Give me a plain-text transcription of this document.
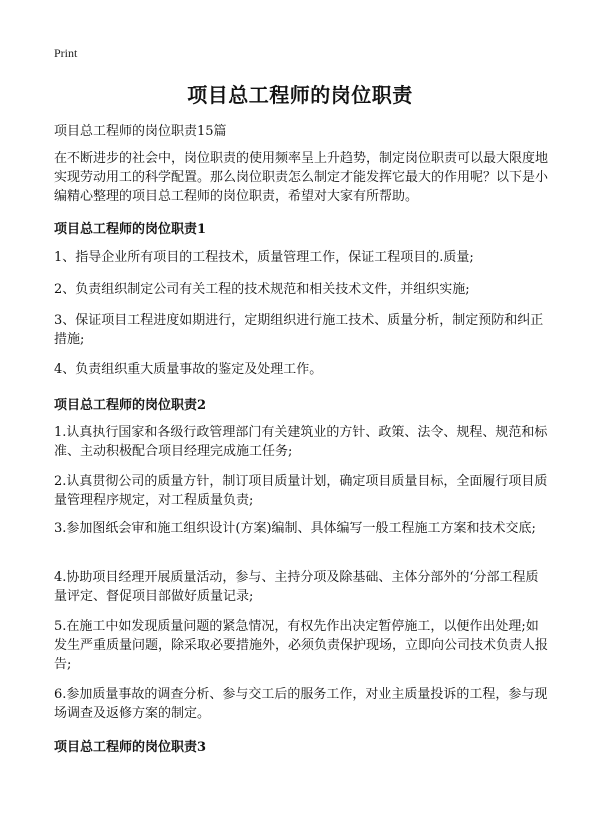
Print
项目总工程师的岗位职责
项目总工程师的岗位职责15篇

在不断进步的社会中，岗位职责的使用频率呈上升趋势，制定岗位职责可以最大限度地实现劳动用工的科学配置。那么岗位职责怎么制定才能发挥它最大的作用呢？以下是小编精心整理的项目总工程师的岗位职责，希望对大家有所帮助。

项目总工程师的岗位职责1

1、指导企业所有项目的工程技术，质量管理工作，保证工程项目的.质量;

2、负责组织制定公司有关工程的技术规范和相关技术文件，并组织实施;

3、保证项目工程进度如期进行，定期组织进行施工技术、质量分析，制定预防和纠正措施;

4、负责组织重大质量事故的鉴定及处理工作。

项目总工程师的岗位职责2

1.认真执行国家和各级行政管理部门有关建筑业的方针、政策、法令、规程、规范和标准、主动积极配合项目经理完成施工任务;

2.认真贯彻公司的质量方针，制订项目质量计划，确定项目质量目标，全面履行项目质量管理程序规定，对工程质量负责;

3.参加图纸会审和施工组织设计(方案)编制、具体编写一般工程施工方案和技术交底;

4.协助项目经理开展质量活动，参与、主持分项及除基础、主体分部外的‘分部工程质量评定、督促项目部做好质量记录;

5.在施工中如发现质量问题的紧急情况，有权先作出决定暂停施工，以便作出处理;如发生严重质量问题，除采取必要措施外，必须负责保护现场，立即向公司技术负责人报告;

6.参加质量事故的调查分析、参与交工后的服务工作，对业主质量投诉的工程，参与现场调查及返修方案的制定。

项目总工程师的岗位职责3
